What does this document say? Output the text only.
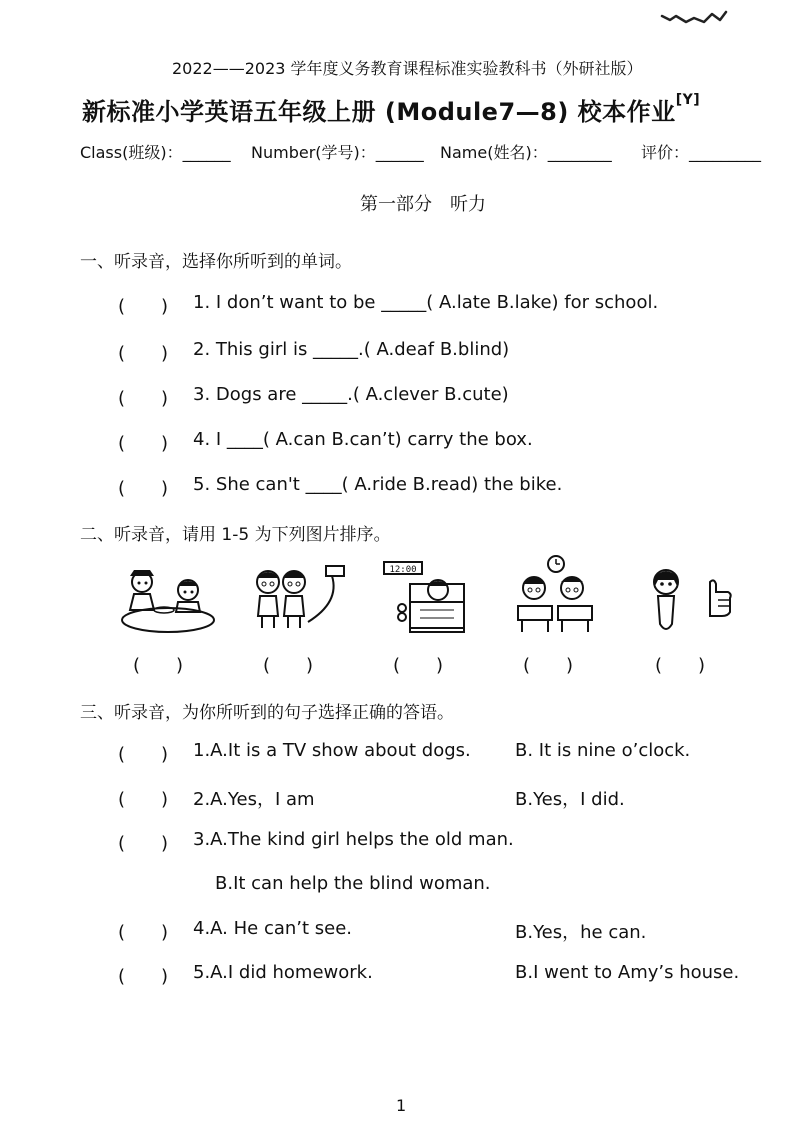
2022——2023 学年度义务教育课程标准实验教科书（外研社版）
新标准小学英语五年级上册 (Module7—8) 校本作业[Y]
Class(班级)：______ Number(学号)：______ Name(姓名)：________ 评价：_________
第一部分　听力
一、听录音，选择你所听到的单词。
(　　) 1. I don’t want to be _____( A.late B.lake) for school.
(　　) 2. This girl is _____.( A.deaf B.blind)
(　　) 3. Dogs are _____.( A.clever B.cute)
(　　) 4. I ____( A.can B.can’t) carry the box.
(　　) 5. She can't ____( A.ride B.read) the bike.
二、听录音，请用 1-5 为下列图片排序。
12:00
(　　)	(　　)	(　　)	(　　)	(　　)
三、听录音，为你所听到的句子选择正确的答语。
(　　) 1.A.It is a TV show about dogs. B. It is nine o’clock.
(　　) 2.A.Yes，I am	B.Yes，I did.
(　　) 3.A.The kind girl helps the old man.
B.It can help the blind woman.
(　　) 4.A. He can’t see.	B.Yes，he can.
(　　) 5.A.I did homework.	B.I went to Amy’s house.
1
